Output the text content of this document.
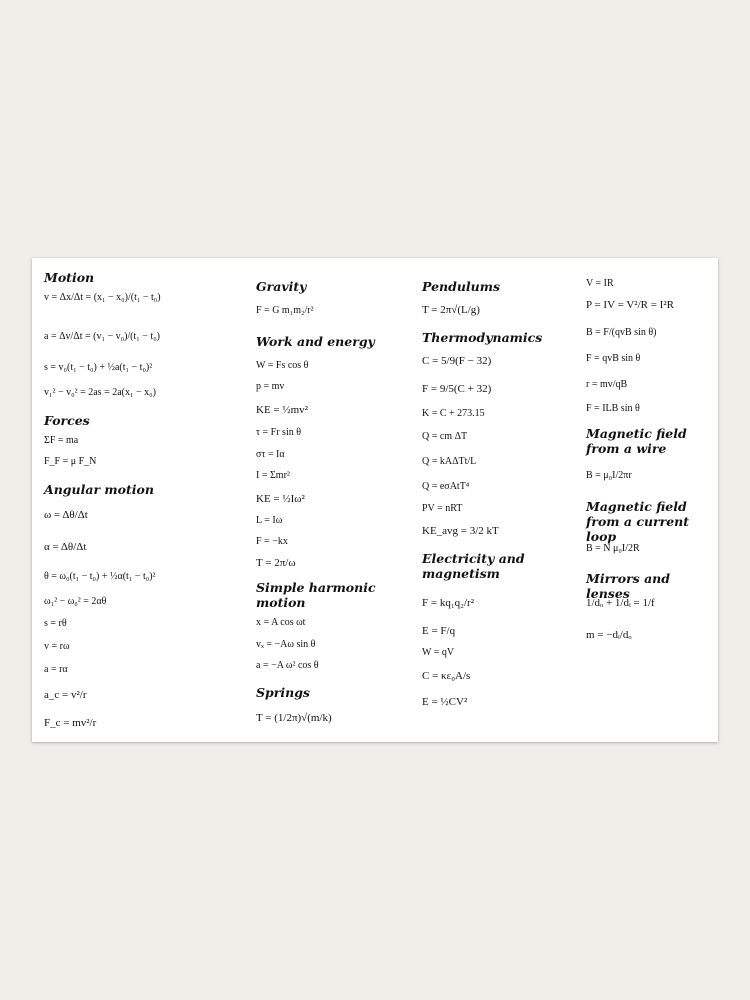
Motion
v = Δx/Δt = (x₁ − x₀)/(t₁ − t₀)
a = Δv/Δt = (v₁ − v₀)/(t₁ − t₀)
s = v₀(t₁ − t₀) + ½a(t₁ − t₀)²
v₁² − v₀² = 2as = 2a(x₁ − x₀)
Forces
ΣF = ma
F_F = μ F_N
Angular motion
ω = Δθ/Δt
α = Δθ/Δt
θ = ω₀(t₁ − t₀) + ½α(t₁ − t₀)²
ω₁² − ω₀² = 2αθ
s = rθ
v = rω
a = rα
a_c = v²/r
F_c = mv²/r
Gravity
F = G m₁m₂/r²
Work and energy
W = Fs cos θ
p = mv
KE = ½mv²
τ = Fr sin θ
στ = Iα
I = Σmr²
KE = ½Iω²
L = Iω
F = −kx
T = 2π/ω
Simple harmonic motion
x = A cos ωt
vₓ = −Aω sin θ
a = −A ω² cos θ
Springs
T = (1/2π)√(m/k)
Pendulums
T = 2π√(L/g)
Thermodynamics
C = 5/9(F − 32)
F = 9/5(C + 32)
K = C + 273.15
Q = cm ΔT
Q = kAΔTt/L
Q = eσAtT⁴
PV = nRT
KE_avg = 3/2 kT
Electricity and magnetism
F = kq₁q₂/r²
E = F/q
W = qV
C = κε₀A/s
E = ½CV²
V = IR
P = IV = V²/R = I²R
B = F/(qvB sin θ)
F = qvB sin θ
r = mv/qB
F = ILB sin θ
Magnetic field from a wire
B = μ₀I/2πr
Magnetic field from a current loop
B = N μ₀I/2R
Mirrors and lenses
1/dₒ + 1/dᵢ = 1/f
m = −dᵢ/dₒ
